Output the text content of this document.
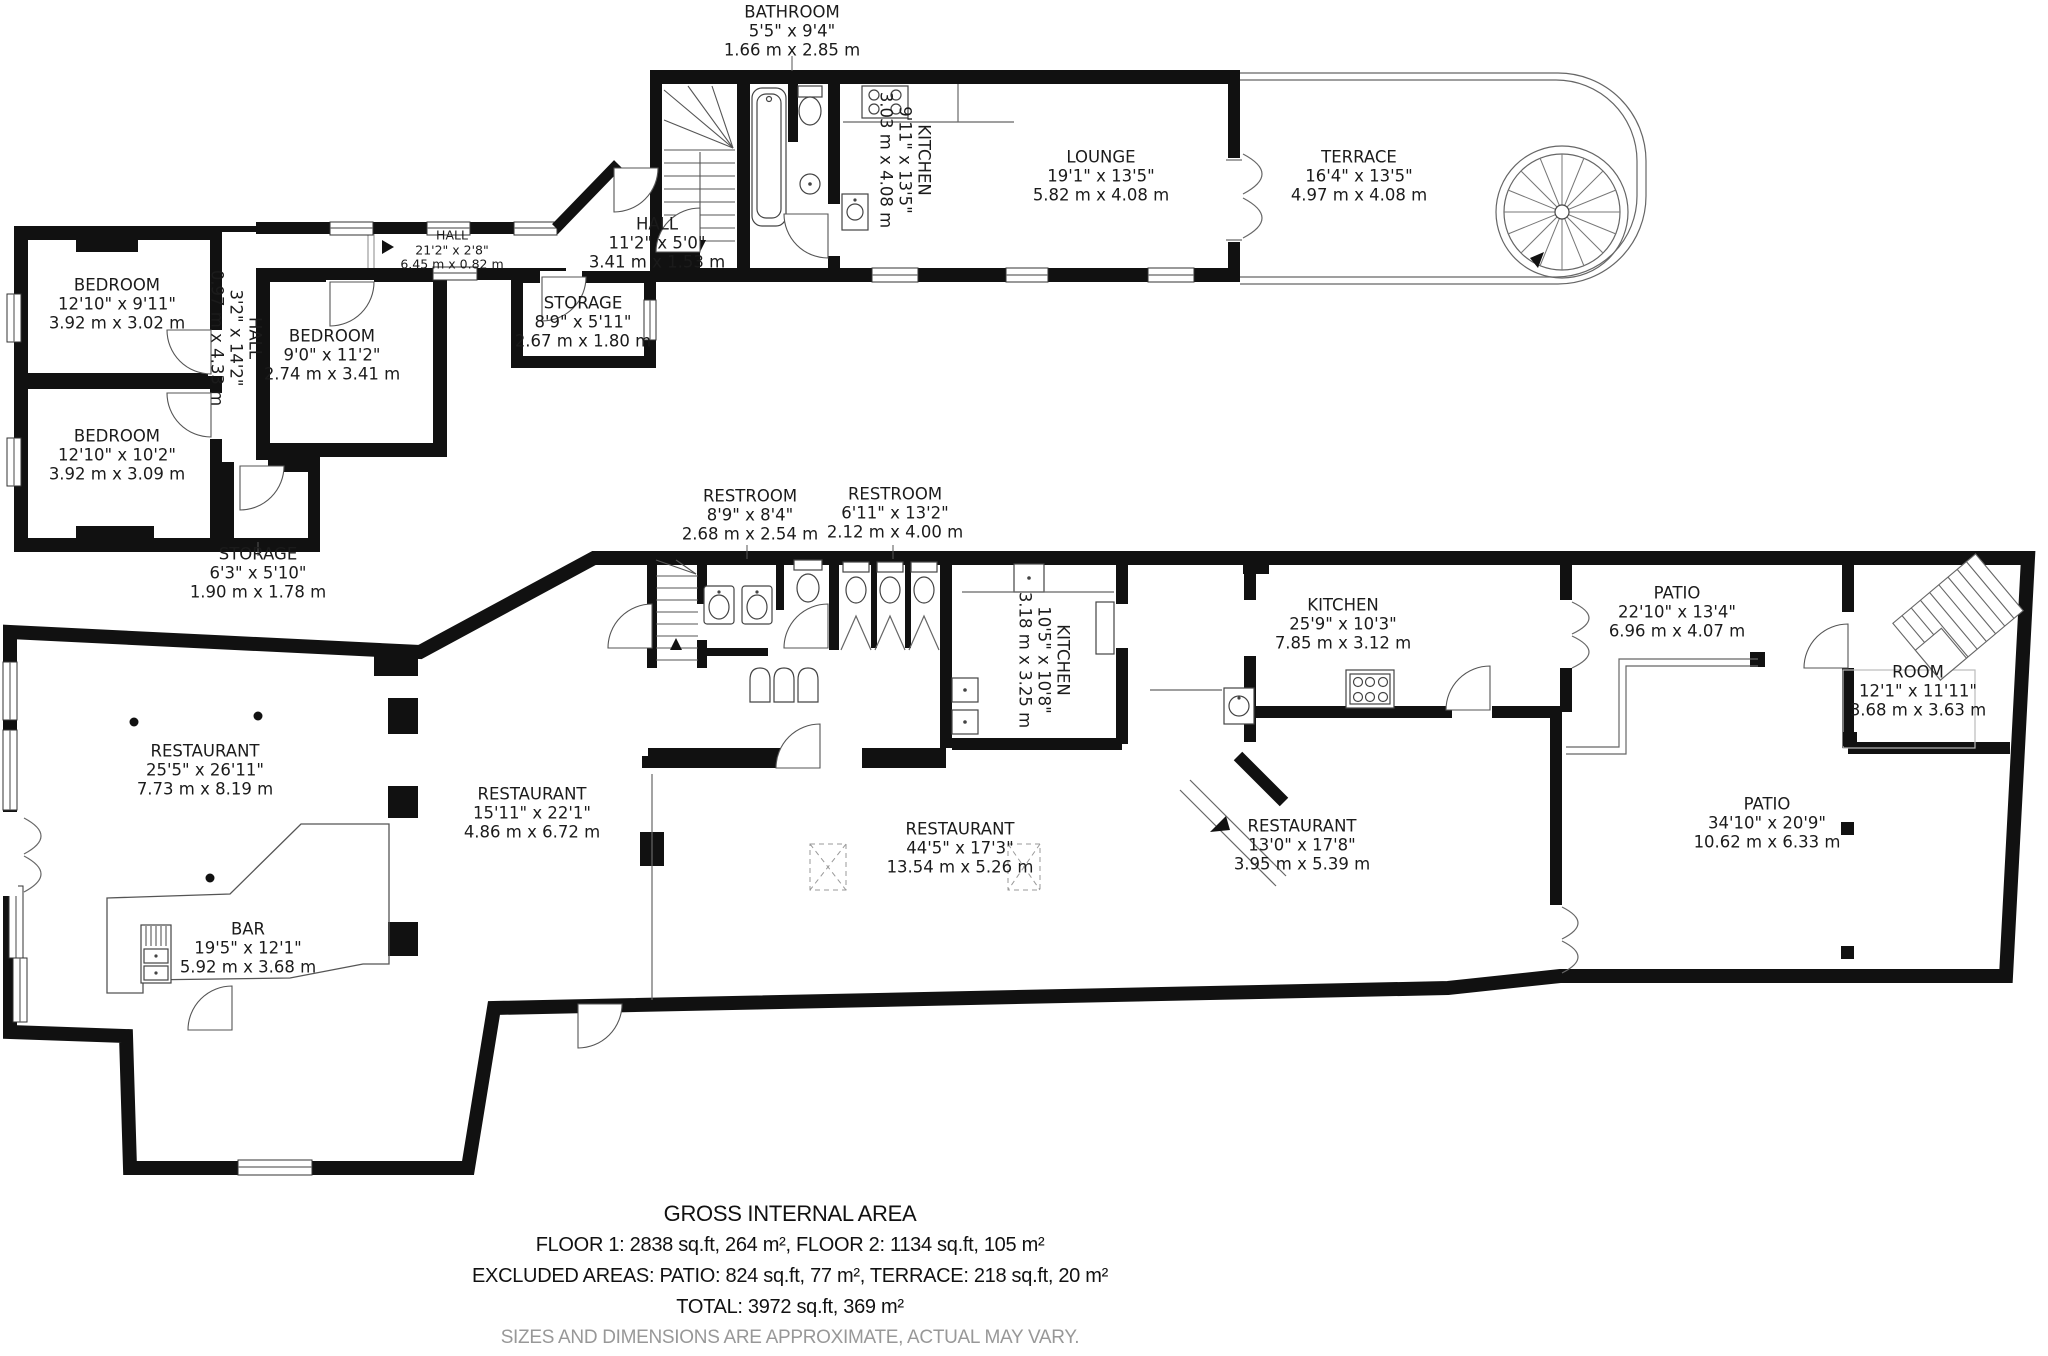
BATHROOM
5'5" x 9'4"
1.66 m x 2.85 m
KITCHEN
9'11" x 13'5"
3.03 m x 4.08 m	LOUNGE
19'1" x 13'5"
5.82 m x 4.08 m
TERRACE
16'4" x 13'5"
4.97 m x 4.08 m
HALL
21'2" x 2'8"
6.45 m x 0.82 m
HALL
11'2" x 5'0"
3.41 m x 1.53 m
STORAGE
8'9" x 5'11"
2.67 m x 1.80 m
BEDROOM
12'10" x 9'11"
3.92 m x 3.02 m	HALL
3'2" x 14'2"
0.97 m x 4.33 m	BEDROOM
9'0" x 11'2"
2.74 m x 3.41 m
BEDROOM
12'10" x 10'2"
3.92 m x 3.09 m
STORAGE
6'3" x 5'10"
1.90 m x 1.78 m
RESTROOM
8'9" x 8'4"
2.68 m x 2.54 m
RESTROOM
6'11" x 13'2"
2.12 m x 4.00 m
KITCHEN
10'5" x 10'8"
3.18 m x 3.25 m	KITCHEN
25'9" x 10'3"
7.85 m x 3.12 m
PATIO
22'10" x 13'4"
6.96 m x 4.07 m
ROOM
12'1" x 11'11"
3.68 m x 3.63 m
RESTAURANT
25'5" x 26'11"
7.73 m x 8.19 m	RESTAURANT
15'11" x 22'1"
4.86 m x 6.72 m	RESTAURANT
44'5" x 17'3"
13.54 m x 5.26 m
RESTAURANT
13'0" x 17'8"
3.95 m x 5.39 m
PATIO
34'10" x 20'9"
10.62 m x 6.33 m
BAR
19'5" x 12'1"
5.92 m x 3.68 m
GROSS INTERNAL AREA
FLOOR 1: 2838 sq.ft, 264 m², FLOOR 2: 1134 sq.ft, 105 m²
EXCLUDED AREAS: PATIO: 824 sq.ft, 77 m², TERRACE: 218 sq.ft, 20 m²
TOTAL: 3972 sq.ft, 369 m²
SIZES AND DIMENSIONS ARE APPROXIMATE, ACTUAL MAY VARY.
